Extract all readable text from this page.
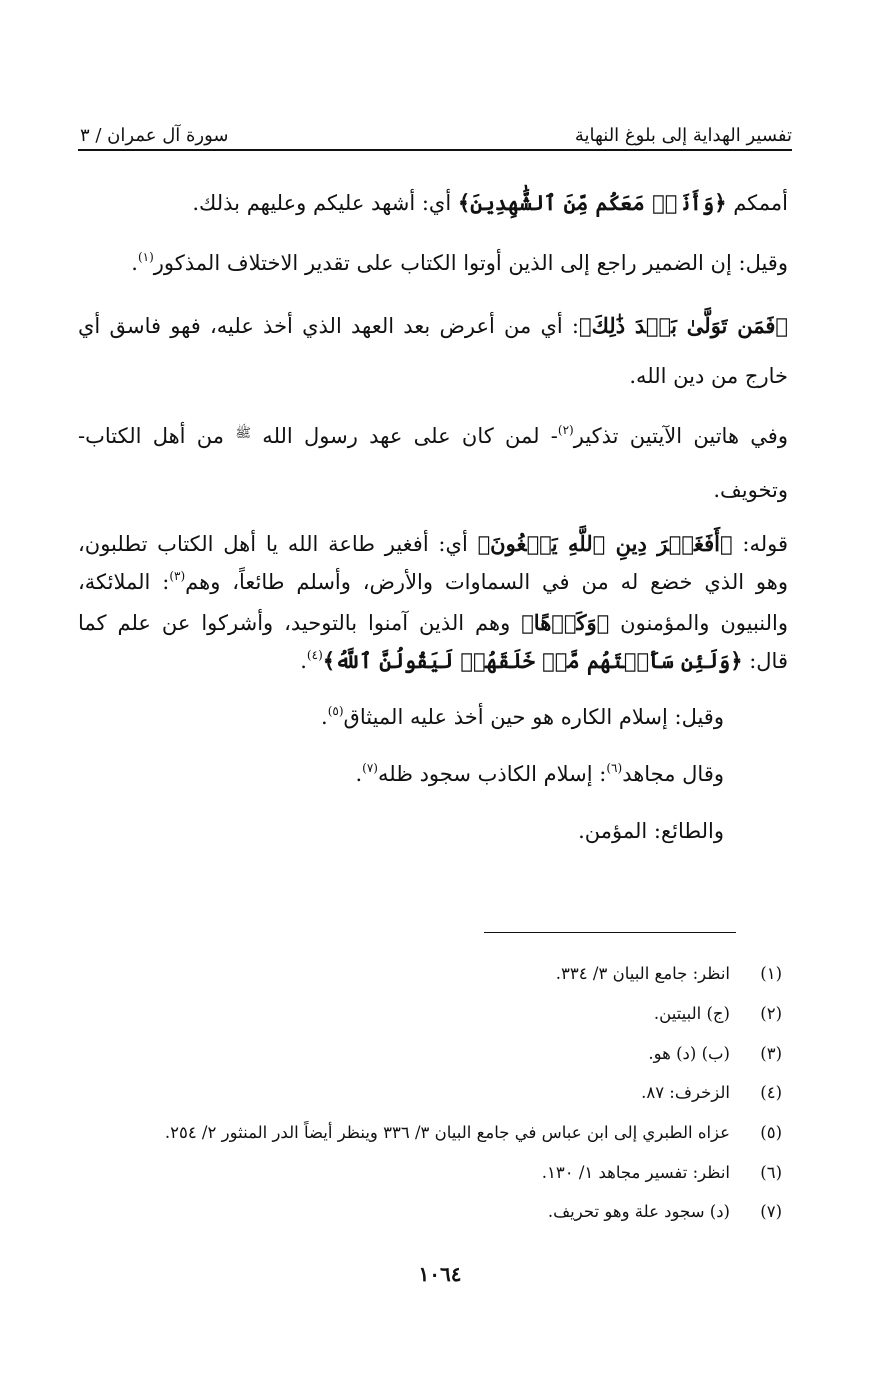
تفسير الهداية إلى بلوغ النهاية
سورة آل عمران / ٣

أممكم ﴿وَأَنَا۠ مَعَكُم مِّنَ ٱلشَّٰهِدِينَ﴾ أي: أشهد عليكم وعليهم بذلك.

وقيل: إن الضمير راجع إلى الذين أوتوا الكتاب على تقدير الاختلاف المذكور$^{(١)}$.

﴿فَمَن تَوَلَّىٰ بَعۡدَ ذَٰلِكَ﴾: أي من أعرض بعد العهد الذي أخذ عليه، فهو فاسق أي خارج من دين الله.

وفي هاتين الآيتين تذكير$^{(٢)}$- لمن كان على عهد رسول الله $^ﷺ$ من أهل الكتاب- وتخويف.

قوله: ﴿أَفَغَيۡرَ دِينِ ٱللَّهِ يَبۡغُونَ﴾ أي: أفغير طاعة الله يا أهل الكتاب تطلبون، وهو الذي خضع له من في السماوات والأرض، وأسلم طائعاً، وهم$^{(٣)}$: الملائكة، والنبيون والمؤمنون ﴿وَكَرۡهًا﴾ وهم الذين آمنوا بالتوحيد، وأشركوا عن علم كما قال: ﴿وَلَئِن سَأَلۡتَهُم مَّنۡ خَلَقَهُمۡ لَيَقُولُنَّ ٱللَّهُ﴾$^{(٤)}$.

وقيل: إسلام الكاره هو حين أخذ عليه الميثاق$^{(٥)}$.

وقال مجاهد$^{(٦)}$: إسلام الكاذب سجود ظله$^{(٧)}$.

والطائع: المؤمن.

(١)
انظر: جامع البيان ٣/ ٣٣٤.
(٢)
(ج) البيتين.
(٣)
(ب) (د) هو.
(٤)
الزخرف: ٨٧.
(٥)
عزاه الطبري إلى ابن عباس في جامع البيان ٣/ ٣٣٦ وينظر أيضاً الدر المنثور ٢/ ٢٥٤.
(٦)
انظر: تفسير مجاهد ١/ ١٣٠.
(٧)
(د) سجود علة وهو تحريف.
١٠٦٤
